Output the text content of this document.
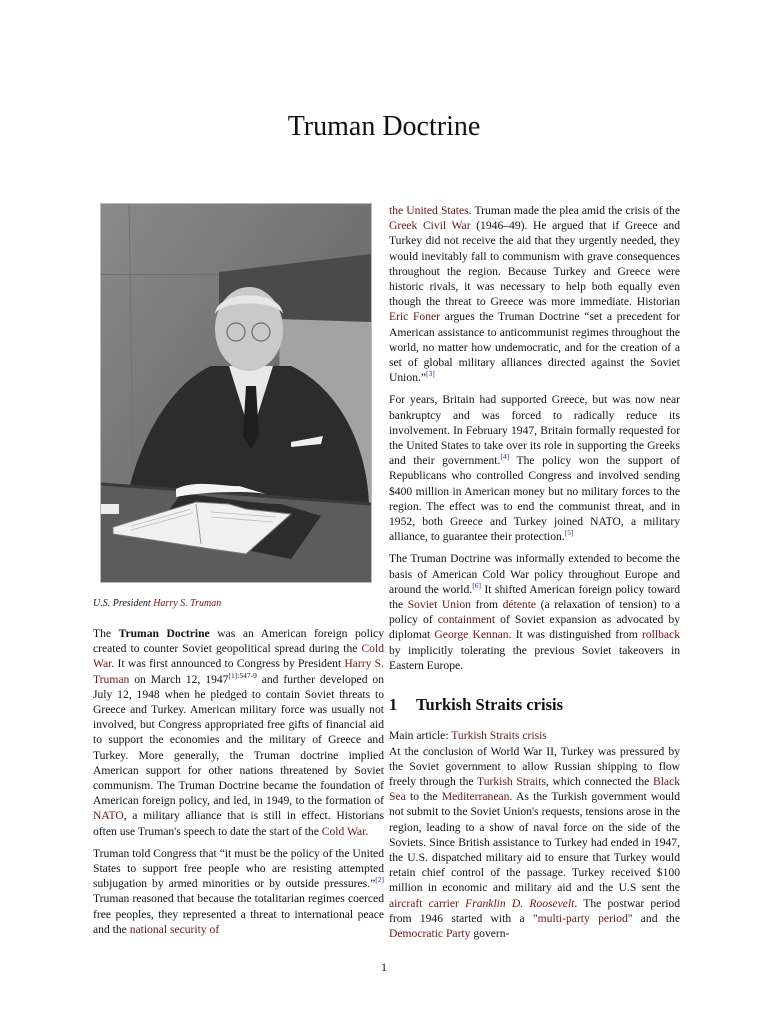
Truman Doctrine
U.S. President Harry S. Truman

The Truman Doctrine was an American foreign policy created to counter Soviet geopolitical spread during the Cold War. It was first announced to Congress by President Harry S. Truman on March 12, 1947$^{[1]:547-9}$ and further developed on July 12, 1948 when he pledged to contain Soviet threats to Greece and Turkey. American military force was usually not involved, but Congress appropriated free gifts of financial aid to support the economies and the military of Greece and Turkey. More generally, the Truman doctrine implied American support for other nations threatened by Soviet communism. The Truman Doctrine became the foundation of American foreign policy, and led, in 1949, to the formation of NATO, a military alliance that is still in effect. Historians often use Truman's speech to date the start of the Cold War.

Truman told Congress that “it must be the policy of the United States to support free people who are resisting attempted subjugation by armed minorities or by outside pressures.”[2] Truman reasoned that because the totalitarian regimes coerced free peoples, they represented a threat to international peace and the national security of

the United States. Truman made the plea amid the crisis of the Greek Civil War (1946–49). He argued that if Greece and Turkey did not receive the aid that they urgently needed, they would inevitably fall to communism with grave consequences throughout the region. Because Turkey and Greece were historic rivals, it was necessary to help both equally even though the threat to Greece was more immediate. Historian Eric Foner argues the Truman Doctrine “set a precedent for American assistance to anticommunist regimes throughout the world, no matter how undemocratic, and for the creation of a set of global military alliances directed against the Soviet Union.”[3]

For years, Britain had supported Greece, but was now near bankruptcy and was forced to radically reduce its involvement. In February 1947, Britain formally requested for the United States to take over its role in supporting the Greeks and their government.[4] The policy won the support of Republicans who controlled Congress and involved sending $400 million in American money but no military forces to the region. The effect was to end the communist threat, and in 1952, both Greece and Turkey joined NATO, a military alliance, to guarantee their protection.[5]

The Truman Doctrine was informally extended to become the basis of American Cold War policy throughout Europe and around the world.[6] It shifted American foreign policy toward the Soviet Union from détente (a relaxation of tension) to a policy of containment of Soviet expansion as advocated by diplomat George Kennan. It was distinguished from rollback by implicitly tolerating the previous Soviet takeovers in Eastern Europe.

1	Turkish Straits crisis

Main article: Turkish Straits crisis

At the conclusion of World War II, Turkey was pressured by the Soviet government to allow Russian shipping to flow freely through the Turkish Straits, which connected the Black Sea to the Mediterranean. As the Turkish government would not submit to the Soviet Union's requests, tensions arose in the region, leading to a show of naval force on the side of the Soviets. Since British assistance to Turkey had ended in 1947, the U.S. dispatched military aid to ensure that Turkey would retain chief control of the passage. Turkey received $100 million in economic and military aid and the U.S sent the aircraft carrier Franklin D. Roosevelt. The postwar period from 1946 started with a "multi-party period" and the Democratic Party govern-

1
